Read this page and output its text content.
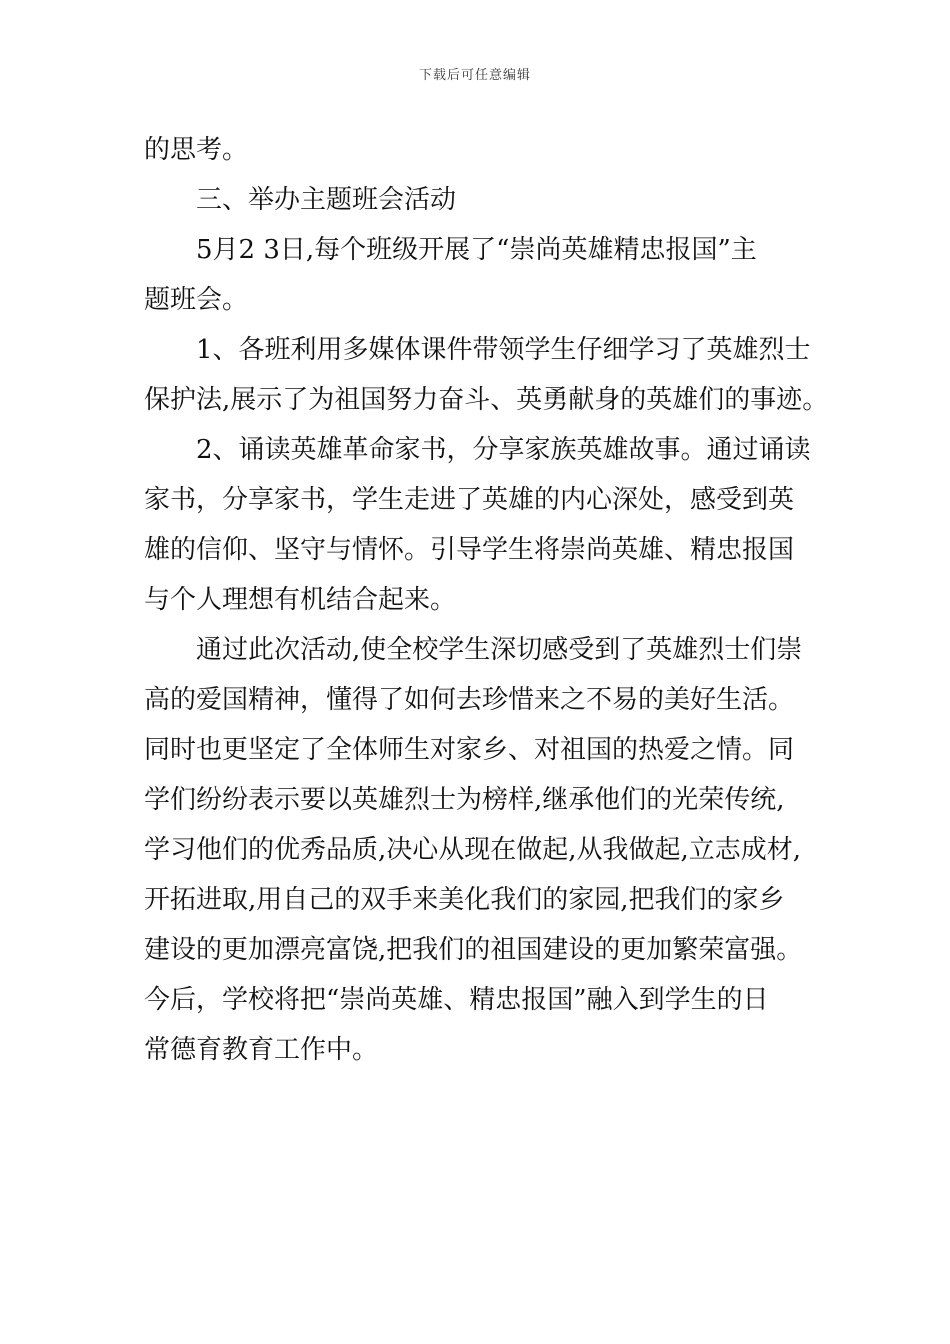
下载后可任意编辑
的思考。
三、举办主题班会活动
5月2 3日,每个班级开展了“崇尚英雄精忠报国”主
题班会。
1、各班利用多媒体课件带领学生仔细学习了英雄烈士
保护法,展示了为祖国努力奋斗、英勇献身的英雄们的事迹。
2、诵读英雄革命家书，分享家族英雄故事。通过诵读
家书，分享家书，学生走进了英雄的内心深处，感受到英
雄的信仰、坚守与情怀。引导学生将崇尚英雄、精忠报国
与个人理想有机结合起来。
通过此次活动,使全校学生深切感受到了英雄烈士们崇
高的爱国精神，懂得了如何去珍惜来之不易的美好生活。
同时也更坚定了全体师生对家乡、对祖国的热爱之情。同
学们纷纷表示要以英雄烈士为榜样,继承他们的光荣传统,
学习他们的优秀品质,决心从现在做起,从我做起,立志成材,
开拓进取,用自己的双手来美化我们的家园,把我们的家乡
建设的更加漂亮富饶,把我们的祖国建设的更加繁荣富强。
今后，学校将把“崇尚英雄、精忠报国”融入到学生的日
常德育教育工作中。
